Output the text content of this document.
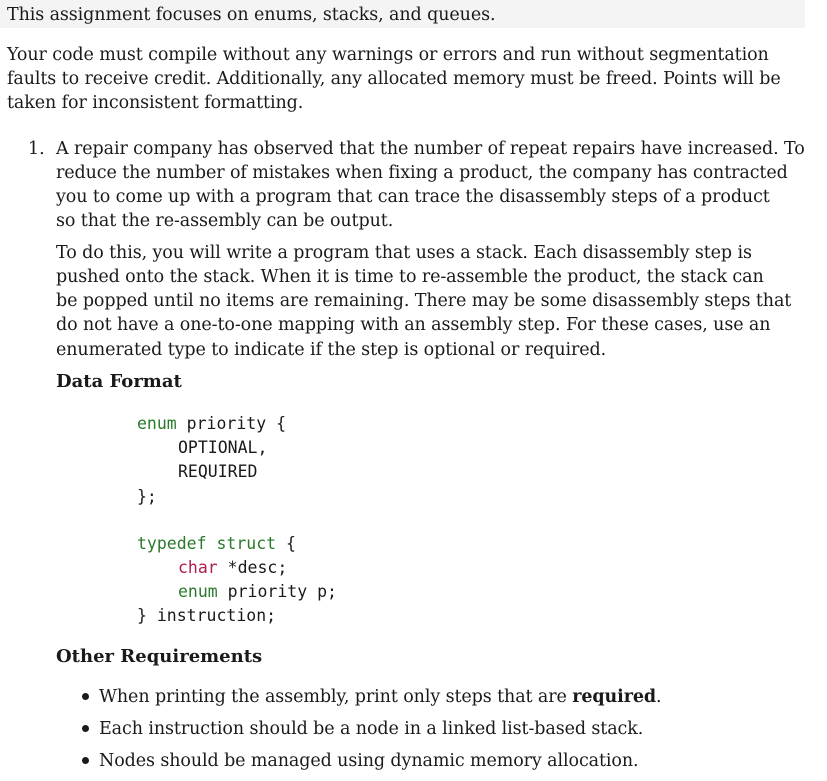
This assignment focuses on enums, stacks, and queues.
Your code must compile without any warnings or errors and run without segmentation
faults to receive credit. Additionally, any allocated memory must be freed. Points will be
taken for inconsistent formatting.
1. A repair company has observed that the number of repeat repairs have increased. To
reduce the number of mistakes when fixing a product, the company has contracted
you to come up with a program that can trace the disassembly steps of a product
so that the re-assembly can be output.
To do this, you will write a program that uses a stack. Each disassembly step is
pushed onto the stack. When it is time to re-assemble the product, the stack can
be popped until no items are remaining. There may be some disassembly steps that
do not have a one-to-one mapping with an assembly step. For these cases, use an
enumerated type to indicate if the step is optional or required.
Data Format
enum priority {
OPTIONAL,
REQUIRED
};
typedef struct {
char *desc;
enum priority p;
} instruction;
Other Requirements
When printing the assembly, print only steps that are required.
Each instruction should be a node in a linked list-based stack.
Nodes should be managed using dynamic memory allocation.
